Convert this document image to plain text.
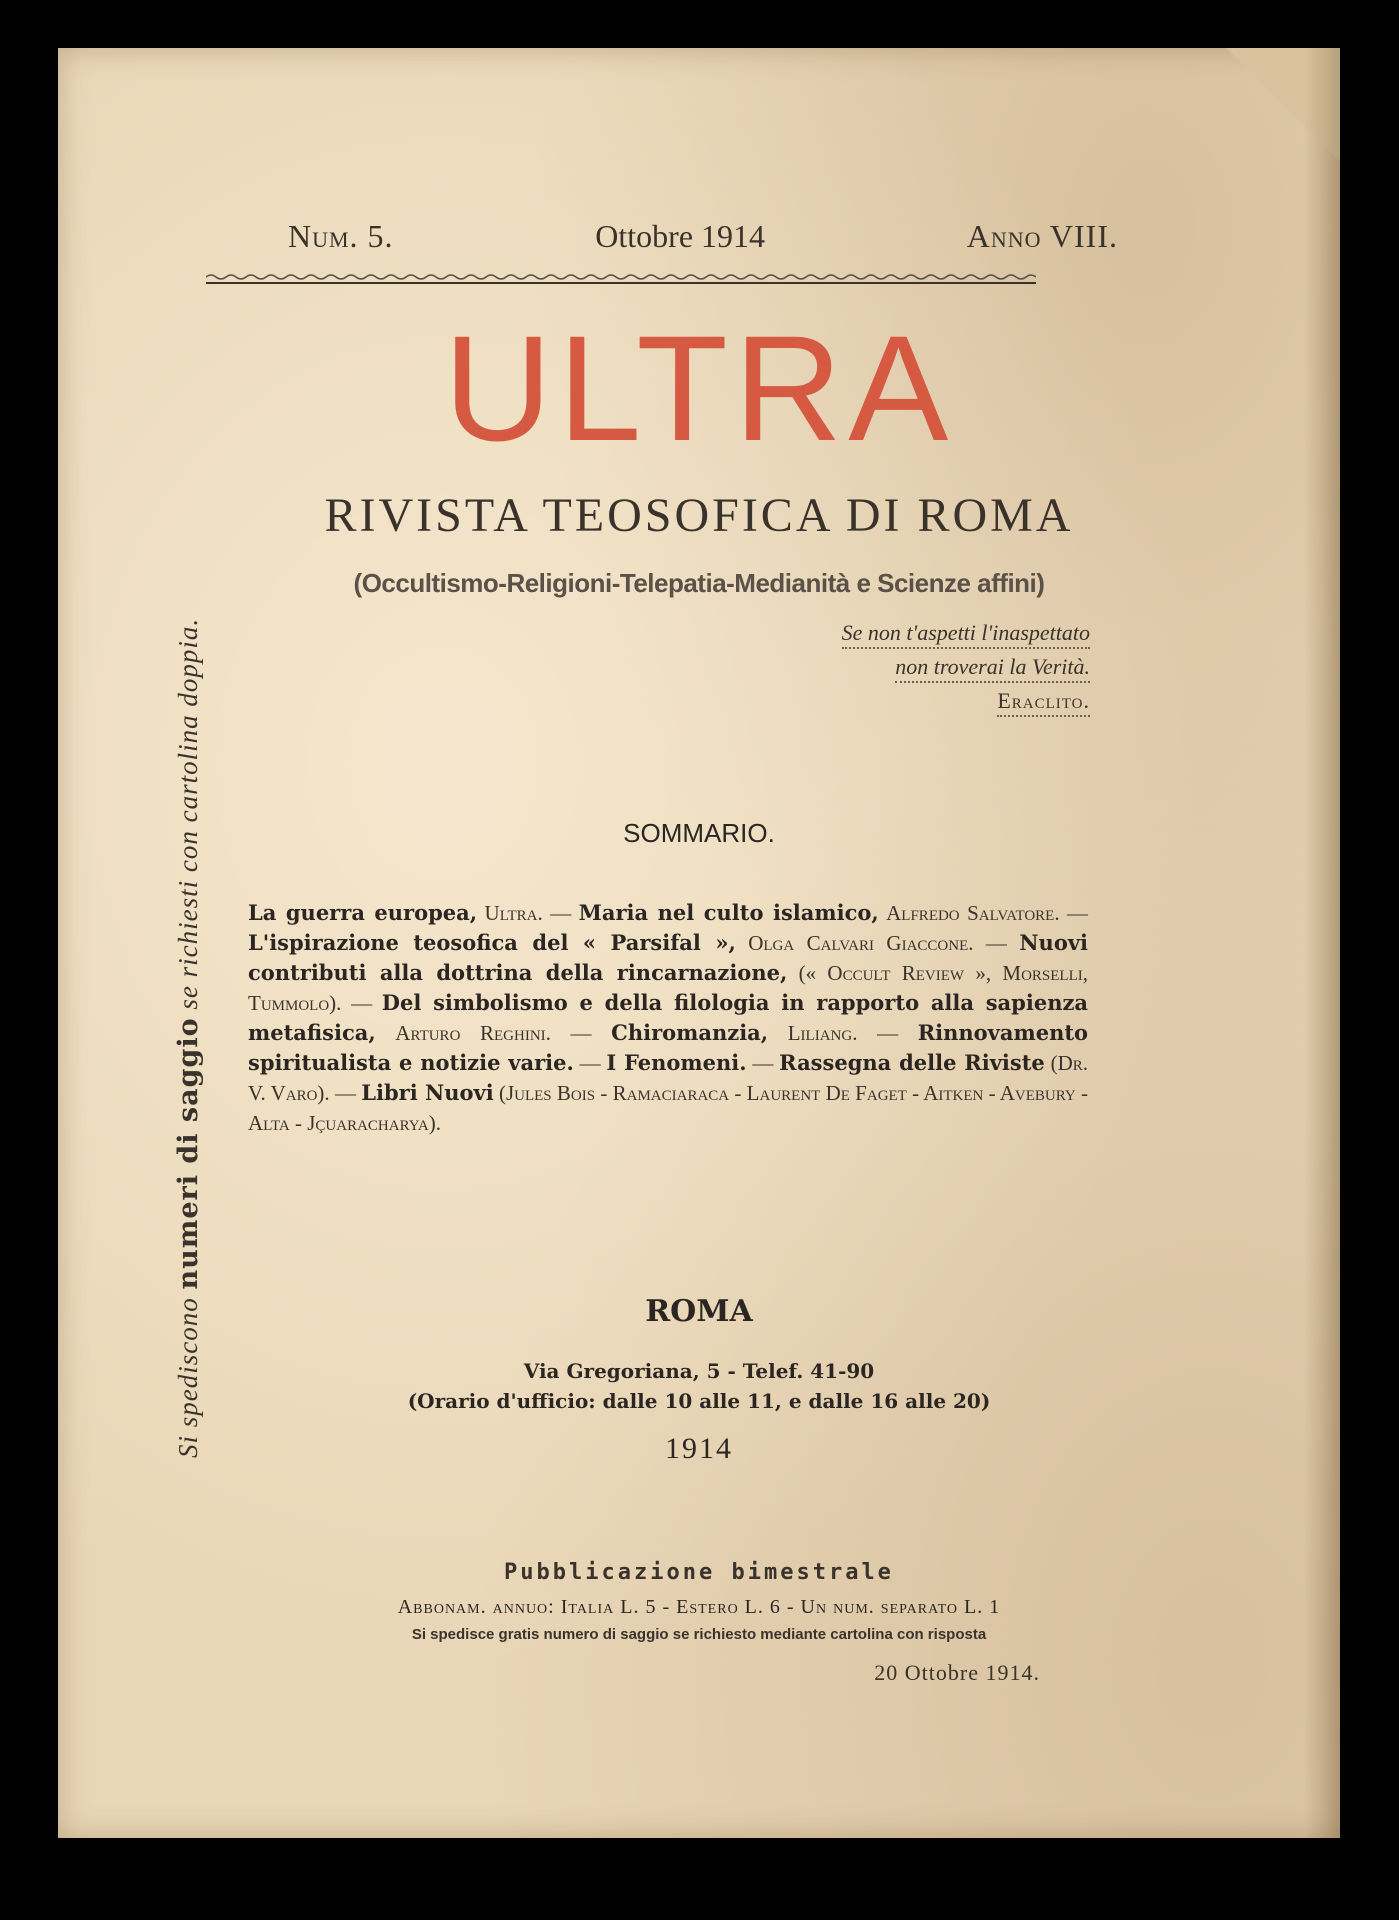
Num. 5.	Ottobre 1914	Anno VIII.
ULTRA
RIVISTA TEOSOFICA DI ROMA
(Occultismo-Religioni-Telepatia-Medianità e Scienze affini)
Se non t'aspetti l'inaspettato
non troverai la Verità.
Eraclito.
SOMMARIO.
La guerra europea, Ultra. — Maria nel culto islamico, Alfredo Salvatore. — L'ispirazione teosofica del « Parsifal », Olga Calvari Giaccone. — Nuovi contributi alla dottrina della rincarnazione, (« Occult Review », Morselli, Tummolo). — Del simbolismo e della filologia in rapporto alla sapienza metafisica, Arturo Reghini. — Chiromanzia, Liliang. — Rinnovamento spiritualista e notizie varie. — I Fenomeni. — Rassegna delle Riviste (Dr. V. Varo). — Libri Nuovi (Jules Bois - Ramaciaraca - Laurent De Faget - Aitken - Avebury - Alta - Jçuaracharya).
Si spediscono numeri di saggio se richiesti con cartolina doppia.
ROMA
Via Gregoriana, 5 - Telef. 41-90
(Orario d'ufficio: dalle 10 alle 11, e dalle 16 alle 20)
1914
Pubblicazione bimestrale
Abbonam. annuo: Italia L. 5 - Estero L. 6 - Un num. separato L. 1
Si spedisce gratis numero di saggio se richiesto mediante cartolina con risposta
20 Ottobre 1914.
